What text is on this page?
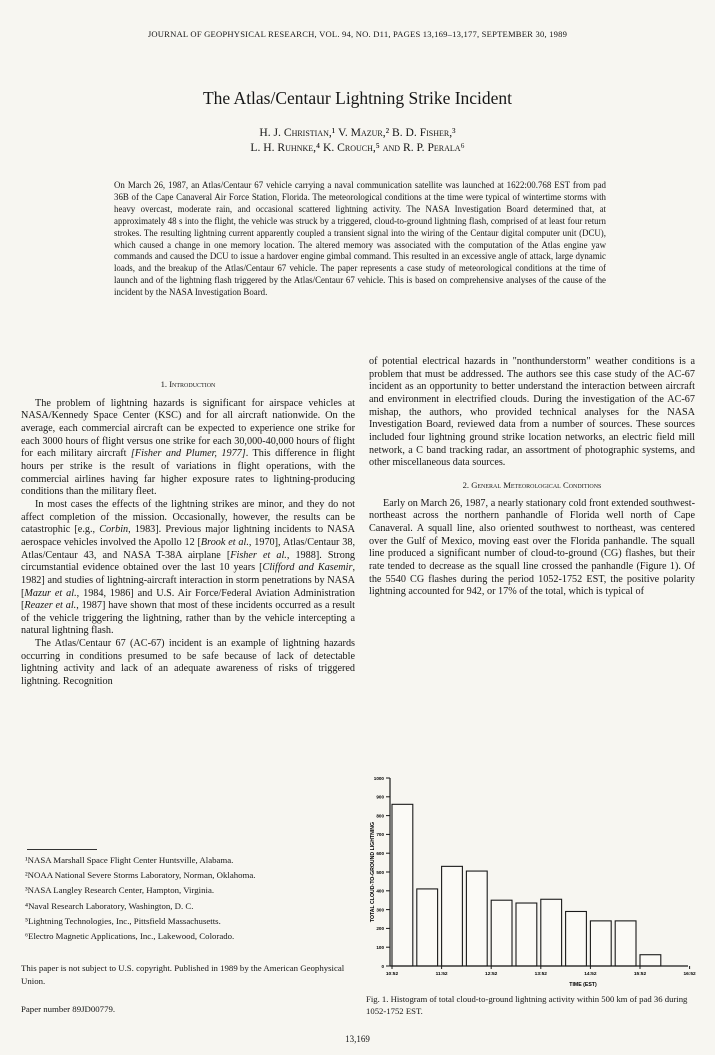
JOURNAL OF GEOPHYSICAL RESEARCH, VOL. 94, NO. D11, PAGES 13,169–13,177, SEPTEMBER 30, 1989
The Atlas/Centaur Lightning Strike Incident
H. J. Christian,¹ V. Mazur,² B. D. Fisher,³
L. H. Ruhnke,⁴ K. Crouch,⁵ and R. P. Perala⁶
On March 26, 1987, an Atlas/Centaur 67 vehicle carrying a naval communication satellite was launched at 1622:00.768 EST from pad 36B of the Cape Canaveral Air Force Station, Florida. The meteorological conditions at the time were typical of wintertime storms with heavy overcast, moderate rain, and occasional scattered lightning activity. The NASA Investigation Board determined that, at approximately 48 s into the flight, the vehicle was struck by a triggered, cloud-to-ground lightning flash, comprised of at least four return strokes. The resulting lightning current apparently coupled a transient signal into the wiring of the Centaur digital computer unit (DCU), which caused a change in one memory location. The altered memory was associated with the computation of the Atlas engine yaw commands and caused the DCU to issue a hardover engine gimbal command. This resulted in an excessive angle of attack, large dynamic loads, and the breakup of the Atlas/Centaur 67 vehicle. The paper represents a case study of meteorological conditions at the time of launch and of the lightning flash triggered by the Atlas/Centaur 67 vehicle. This is based on comprehensive analyses of the cause of the incident by the NASA Investigation Board.
1. Introduction

The problem of lightning hazards is significant for airspace vehicles at NASA/Kennedy Space Center (KSC) and for all aircraft nationwide. On the average, each commercial aircraft can be expected to experience one strike for each 3000 hours of flight versus one strike for each 30,000-40,000 hours of flight for each military aircraft [Fisher and Plumer, 1977]. This difference in flight hours per strike is the result of variations in flight operations, with the commercial airlines having far higher exposure rates to lightning-producing conditions than the military fleet.

In most cases the effects of the lightning strikes are minor, and they do not affect completion of the mission. Occasionally, however, the results can be catastrophic [e.g., Corbin, 1983]. Previous major lightning incidents to NASA aerospace vehicles involved the Apollo 12 [Brook et al., 1970], Atlas/Centaur 38, Atlas/Centaur 43, and NASA T-38A airplane [Fisher et al., 1988]. Strong circumstantial evidence obtained over the last 10 years [Clifford and Kasemir, 1982] and studies of lightning-aircraft interaction in storm penetrations by NASA [Mazur et al., 1984, 1986] and U.S. Air Force/Federal Aviation Administration [Reazer et al., 1987] have shown that most of these incidents occurred as a result of the vehicle triggering the lightning, rather than by the vehicle intercepting a natural lightning flash.

The Atlas/Centaur 67 (AC-67) incident is an example of lightning hazards occurring in conditions presumed to be safe because of lack of detectable lightning activity and lack of an adequate awareness of risks of triggered lightning. Recognition

¹NASA Marshall Space Flight Center Huntsville, Alabama.
²NOAA National Severe Storms Laboratory, Norman, Oklahoma.
³NASA Langley Research Center, Hampton, Virginia.
⁴Naval Research Laboratory, Washington, D. C.
⁵Lightning Technologies, Inc., Pittsfield Massachusetts.
⁶Electro Magnetic Applications, Inc., Lakewood, Colorado.
This paper is not subject to U.S. copyright. Published in 1989 by the American Geophysical Union.
Paper number 89JD00779.

of potential electrical hazards in "nonthunderstorm" weather conditions is a problem that must be addressed. The authors see this case study of the AC-67 incident as an opportunity to better understand the interaction between aircraft and environment in electrified clouds. During the investigation of the AC-67 mishap, the authors, who provided technical analyses for the NASA Investigation Board, reviewed data from a number of sources. These sources included four lightning ground strike location networks, an electric field mill network, a C band tracking radar, an assortment of photographic systems, and other miscellaneous data sources.

2. General Meteorological Conditions

Early on March 26, 1987, a nearly stationary cold front extended southwest-northeast across the northern panhandle of Florida well north of Cape Canaveral. A squall line, also oriented southwest to northeast, was centered over the Gulf of Mexico, moving east over the Florida panhandle. The squall line produced a significant number of cloud-to-ground (CG) flashes, but their rate tended to decrease as the squall line crossed the panhandle (Figure 1). Of the 5540 CG flashes during the period 1052-1752 EST, the positive polarity lightning accounted for 942, or 17% of the total, which is typical of

0
100
200
300
400
500
600
700
800
900
1000
10:52	11:52	12:52	13:52	14:52	15:52	16:52
TOTAL CLOUD-TO-GROUND LIGHTNING
TIME (EST)
Fig. 1. Histogram of total cloud-to-ground lightning activity within 500 km of pad 36 during 1052-1752 EST.
13,169
